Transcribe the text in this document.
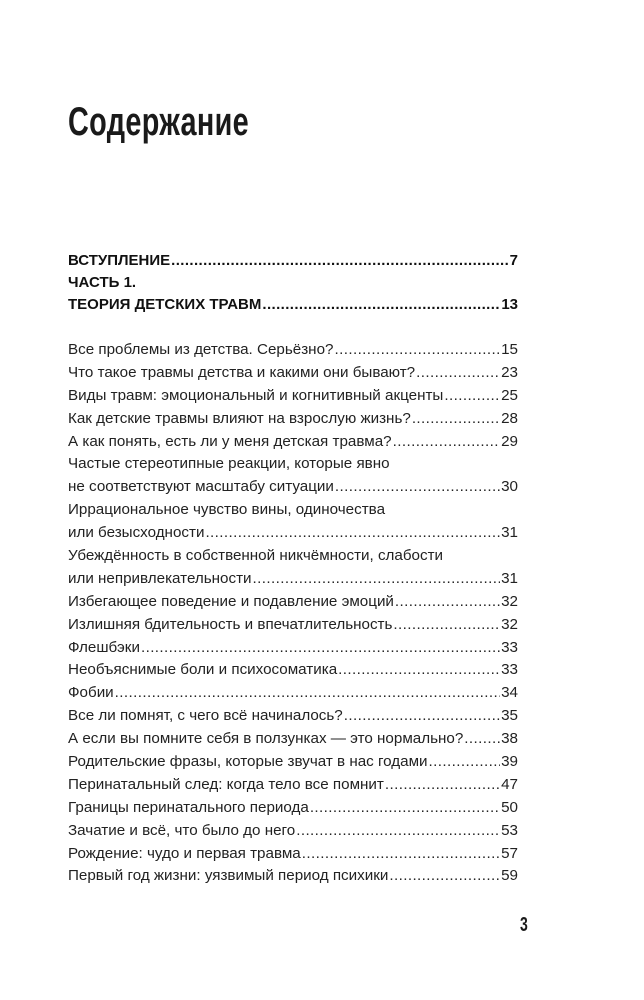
Содержание
ВСТУПЛЕНИЕ .....	7
ЧАСТЬ 1.
ТЕОРИЯ ДЕТСКИХ ТРАВМ .....	13
Все проблемы из детства. Серьёзно? .....	15
Что такое травмы детства и какими они бывают? .....	23
Виды травм: эмоциональный и когнитивный акценты .....	25
Как детские травмы влияют на взрослую жизнь? .....	28
А как понять, есть ли у меня детская травма? .....	29
Частые стереотипные реакции, которые явно
не соответствуют масштабу ситуации .....	30
Иррациональное чувство вины, одиночества
или безысходности .....	31
Убеждённость в собственной никчёмности, слабости
или непривлекательности .....	31
Избегающее поведение и подавление эмоций .....	32
Излишняя бдительность и впечатлительность .....	32
Флешбэки .....	33
Необъяснимые боли и психосоматика .....	33
Фобии .....	34
Все ли помнят, с чего всё начиналось? .....	35
А если вы помните себя в ползунках — это нормально? ..... 38
Родительские фразы, которые звучат в нас годами .....	39
Перинатальный след: когда тело все помнит .....	47
Границы перинатального периода .....	50
Зачатие и всё, что было до него .....	53
Рождение: чудо и первая травма .....	57
Первый год жизни: уязвимый период психики .....	59
3
